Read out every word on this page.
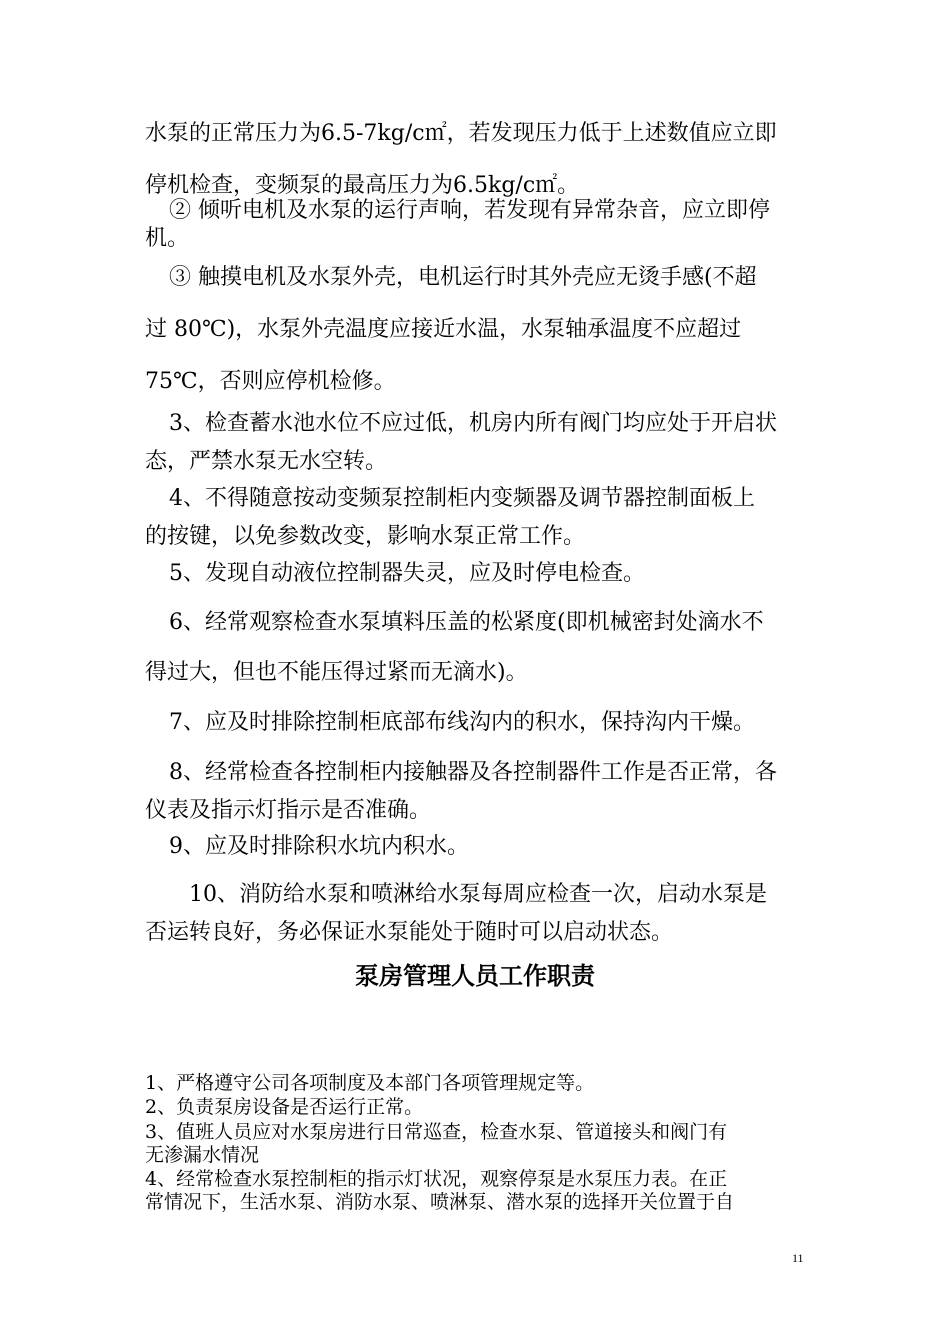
水泵的正常压力为6.5-7kg/c㎡，若发现压力低于上述数值应立即
停机检查，变频泵的最高压力为6.5kg/c㎡。

② 倾听电机及水泵的运行声响，若发现有异常杂音，应立即停
机。

③ 触摸电机及水泵外壳，电机运行时其外壳应无烫手感(不超
过 80℃)，水泵外壳温度应接近水温，水泵轴承温度不应超过
75℃，否则应停机检修。

3、检查蓄水池水位不应过低，机房内所有阀门均应处于开启状
态，严禁水泵无水空转。

4、不得随意按动变频泵控制柜内变频器及调节器控制面板上
的按键，以免参数改变，影响水泵正常工作。

5、发现自动液位控制器失灵，应及时停电检查。

6、经常观察检查水泵填料压盖的松紧度(即机械密封处滴水不
得过大，但也不能压得过紧而无滴水)。

7、应及时排除控制柜底部布线沟内的积水，保持沟内干燥。

8、经常检查各控制柜内接触器及各控制器件工作是否正常，各
仪表及指示灯指示是否准确。

9、应及时排除积水坑内积水。

10、消防给水泵和喷淋给水泵每周应检查一次，启动水泵是
否运转良好，务必保证水泵能处于随时可以启动状态。

泵房管理人员工作职责

1、严格遵守公司各项制度及本部门各项管理规定等。

2、负责泵房设备是否运行正常。

3、值班人员应对水泵房进行日常巡查，检查水泵、管道接头和阀门有
无渗漏水情况

4、经常检查水泵控制柜的指示灯状况，观察停泵是水泵压力表。在正
常情况下，生活水泵、消防水泵、喷淋泵、潜水泵的选择开关位置于自

11
